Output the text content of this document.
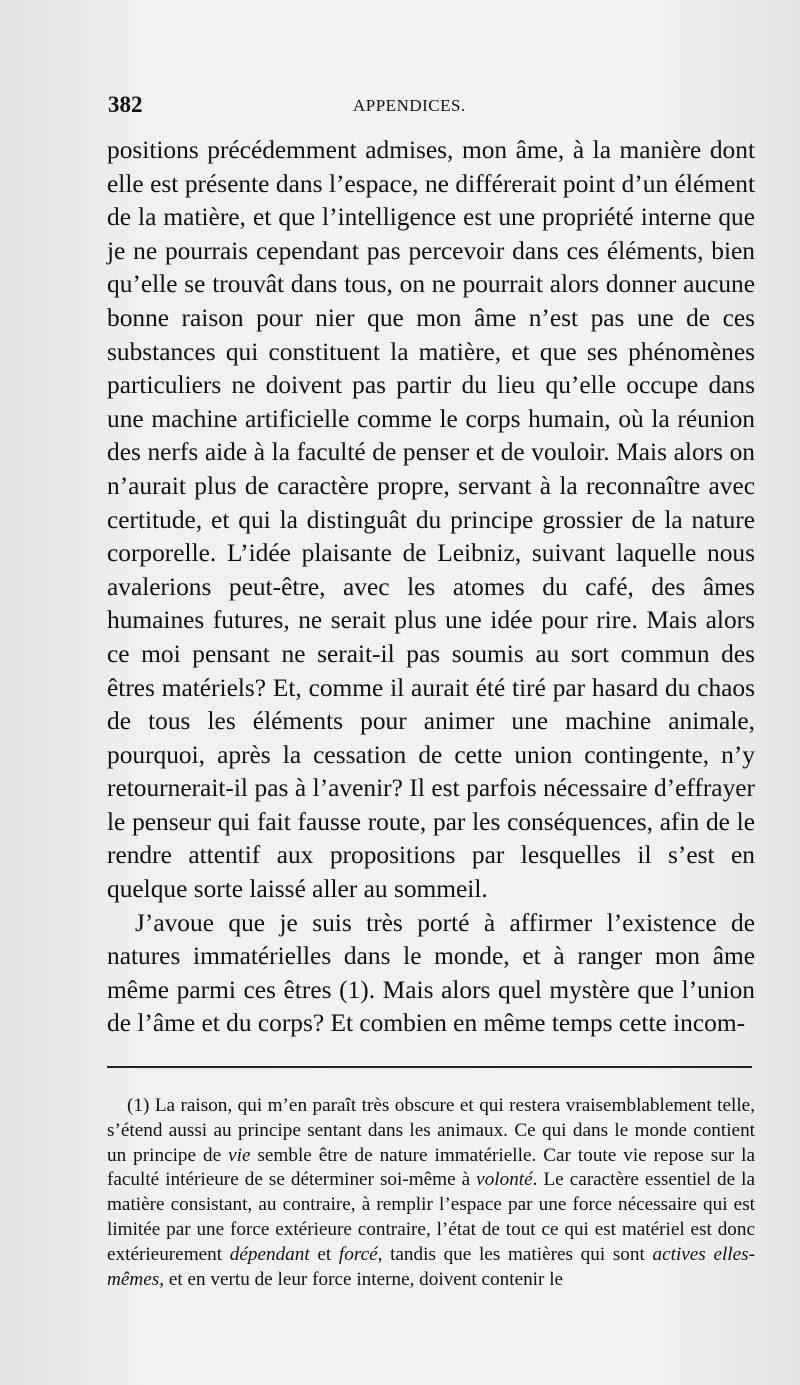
382	APPENDICES.

positions précédemment admises, mon âme, à la manière dont elle est présente dans l’espace, ne différerait point d’un élément de la matière, et que l’intelligence est une propriété interne que je ne pourrais cependant pas percevoir dans ces éléments, bien qu’elle se trouvât dans tous, on ne pourrait alors donner aucune bonne raison pour nier que mon âme n’est pas une de ces substances qui constituent la matière, et que ses phénomènes particuliers ne doivent pas partir du lieu qu’elle occupe dans une machine artificielle comme le corps humain, où la réunion des nerfs aide à la faculté de penser et de vouloir. Mais alors on n’aurait plus de caractère propre, servant à la reconnaître avec certitude, et qui la distinguât du principe grossier de la nature corporelle. L’idée plaisante de Leibniz, suivant laquelle nous avalerions peut-être, avec les atomes du café, des âmes humaines futures, ne serait plus une idée pour rire. Mais alors ce moi pensant ne serait-il pas soumis au sort commun des êtres matériels? Et, comme il aurait été tiré par hasard du chaos de tous les éléments pour animer une machine animale, pourquoi, après la cessation de cette union contingente, n’y retournerait-il pas à l’avenir? Il est parfois nécessaire d’effrayer le penseur qui fait fausse route, par les conséquences, afin de le rendre attentif aux propositions par lesquelles il s’est en quelque sorte laissé aller au sommeil.

J’avoue que je suis très porté à affirmer l’existence de natures immatérielles dans le monde, et à ranger mon âme même parmi ces êtres (1). Mais alors quel mystère que l’union de l’âme et du corps? Et combien en même temps cette incom-

(1) La raison, qui m’en paraît très obscure et qui restera vraisemblablement telle, s’étend aussi au principe sentant dans les animaux. Ce qui dans le monde contient un principe de vie semble être de nature immatérielle. Car toute vie repose sur la faculté intérieure de se déterminer soi-même à volonté. Le caractère essentiel de la matière consistant, au contraire, à remplir l’espace par une force nécessaire qui est limitée par une force extérieure contraire, l’état de tout ce qui est matériel est donc extérieurement dépendant et forcé, tandis que les matières qui sont actives elles-mêmes, et en vertu de leur force interne, doivent contenir le
